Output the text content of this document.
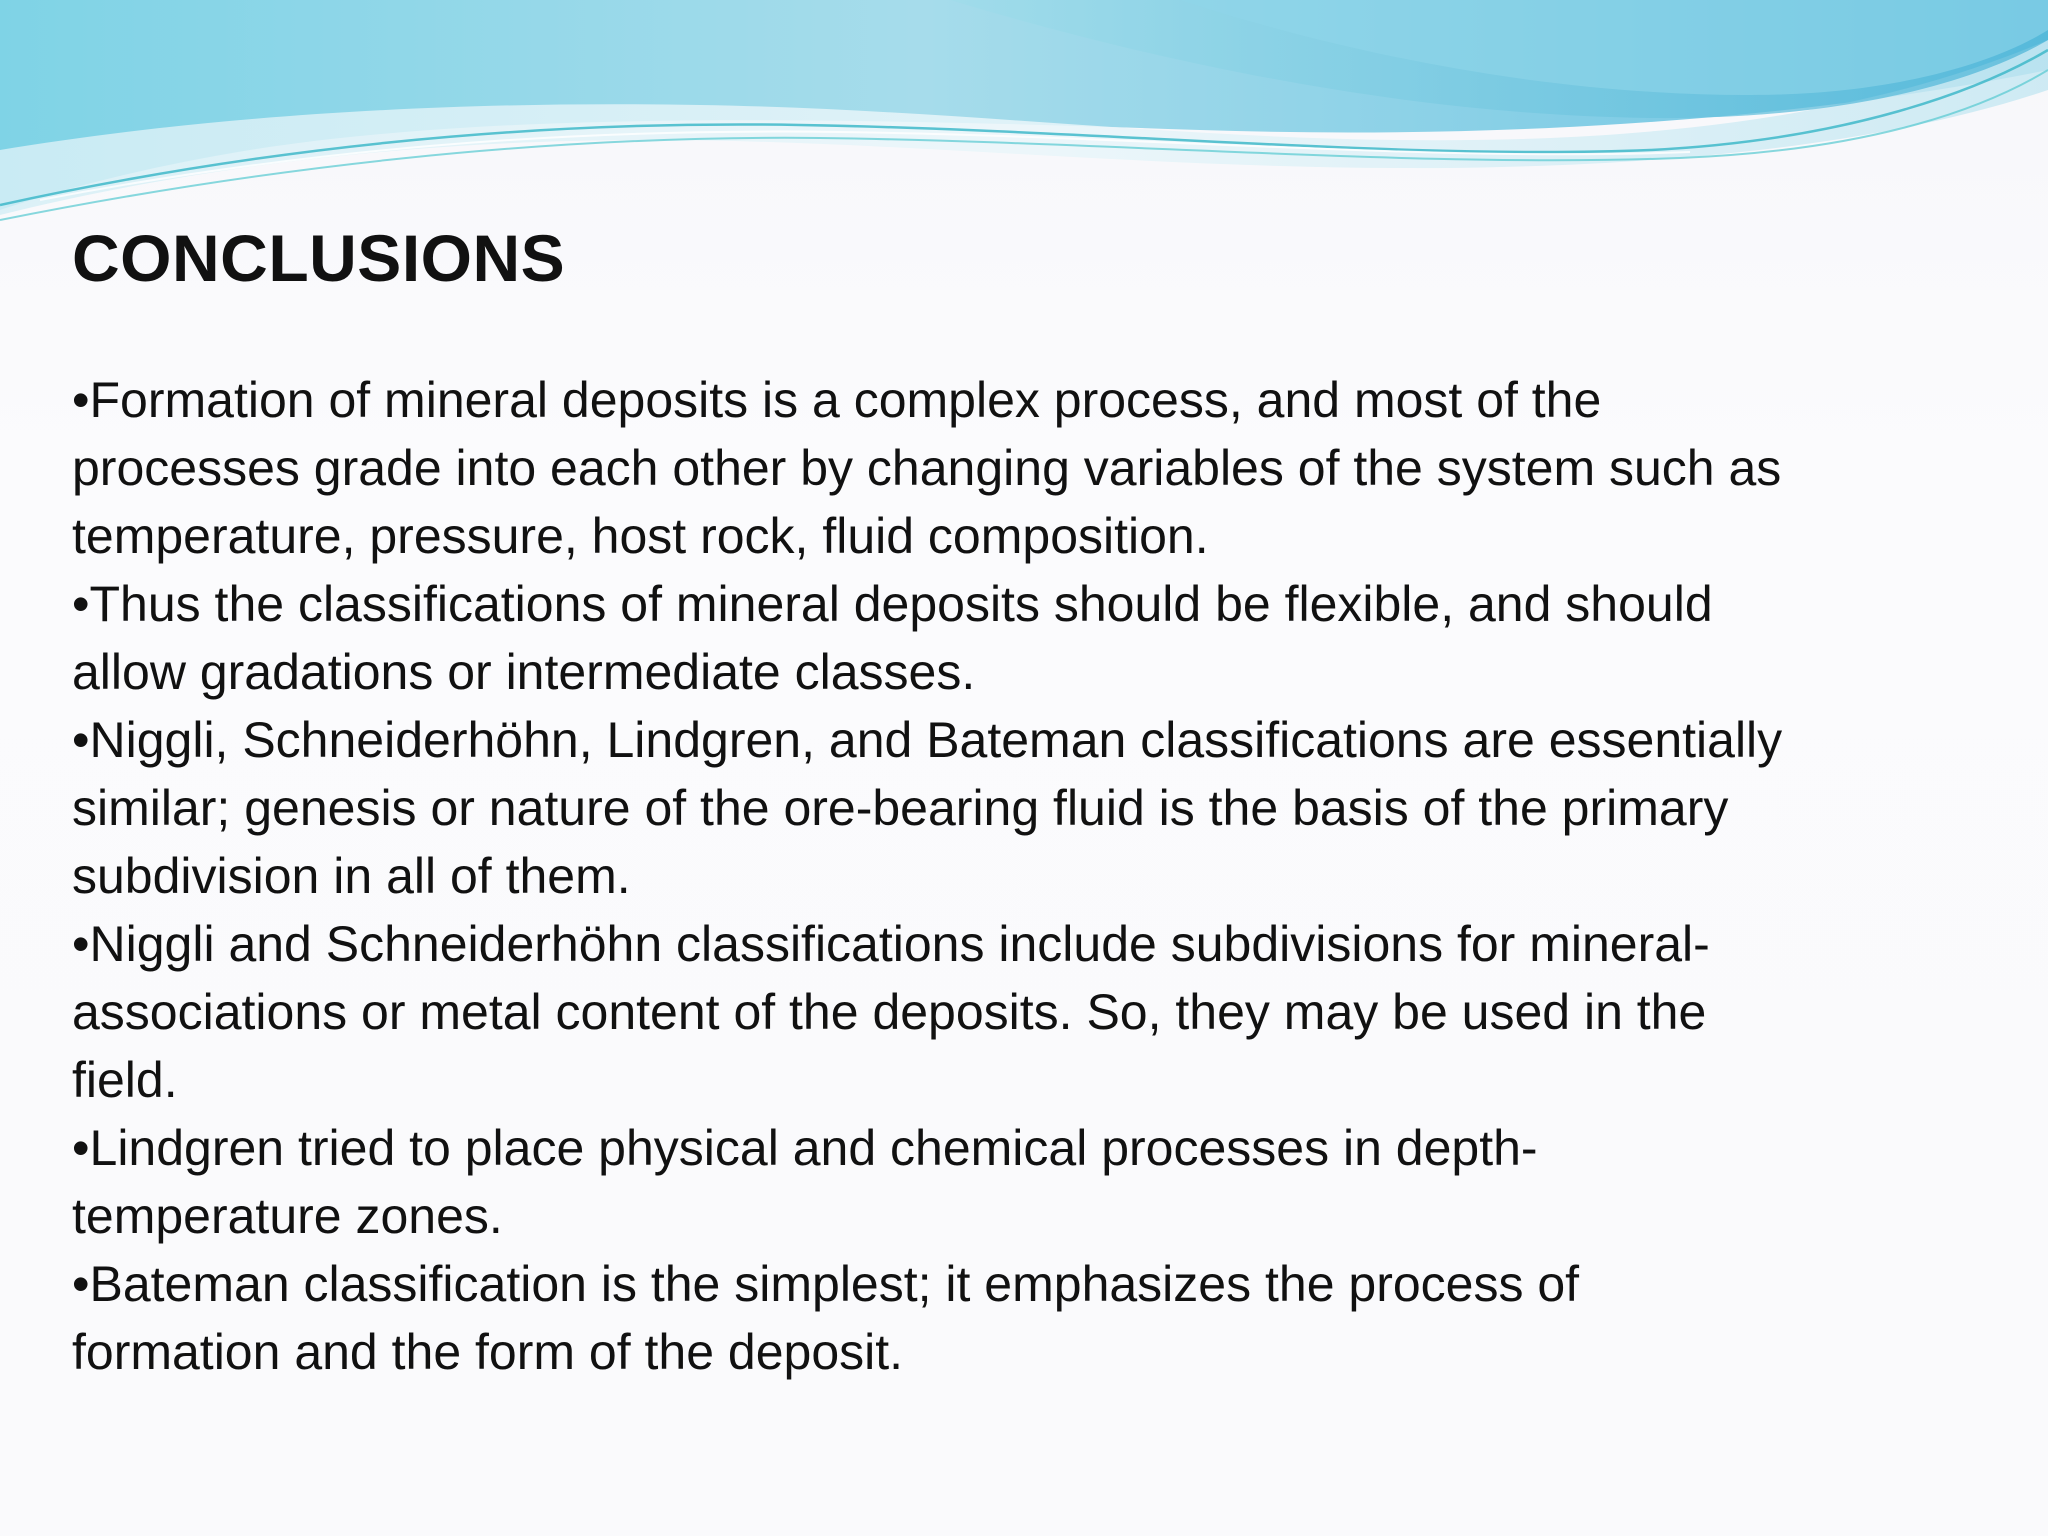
CONCLUSIONS
•Formation of mineral deposits is a complex process, and most of the
processes grade into each other by changing variables of the system such as
temperature, pressure, host rock, fluid composition.
•Thus the classifications of mineral deposits should be flexible, and should
allow gradations or intermediate classes.
•Niggli, Schneiderhöhn, Lindgren, and Bateman classifications are essentially
similar; genesis or nature of the ore-bearing fluid is the basis of the primary
subdivision in all of them.
•Niggli and Schneiderhöhn classifications include subdivisions for mineral-
associations or metal content of the deposits. So, they may be used in the
field.
•Lindgren tried to place physical and chemical processes in depth-
temperature zones.
•Bateman classification is the simplest; it emphasizes the process of
formation and the form of the deposit.
